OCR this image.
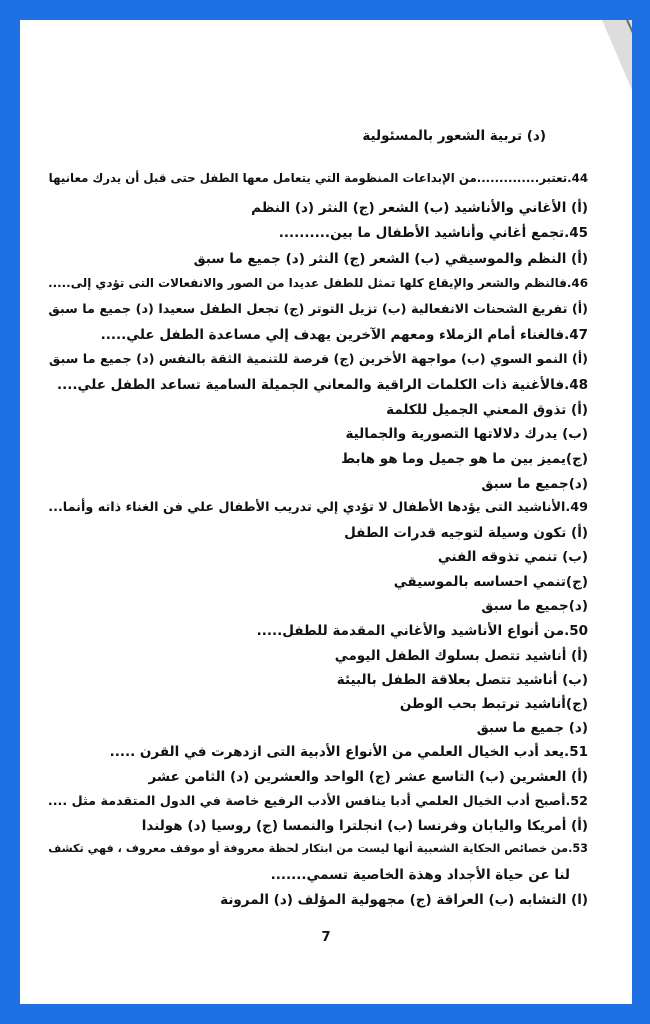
(د) تربية الشعور بالمسئولية
44.تعتبر..............من الإبداعات المنظومة التي يتعامل معها الطفل حتى قبل أن يدرك معانيها
(أ) الأغاني والأناشيد (ب) الشعر (ج) النثر (د) النظم
45.تجمع أغاني وأناشيد الأطفال ما بين..........
(أ) النظم والموسيقي (ب) الشعر (ج) النثر (د) جميع ما سبق
46.فالنظم والشعر والإيقاع كلها تمثل للطفل عديدا من الصور والانفعالات التى تؤدي إلى.....
(أ) تفريغ الشحنات الانفعالية (ب) تزيل التوتر (ج) تجعل الطفل سعيدا (د) جميع ما سبق
47.فالغناء أمام الزملاء ومعهم الآخرين يهدف إلي مساعدة الطفل علي.....
(أ) النمو السوي (ب) مواجهة الأخرين (ج) فرصة للتنمية الثقة بالنفس (د) جميع ما سبق
48.فالأغنية ذات الكلمات الراقية والمعاني الجميلة السامية تساعد الطفل علي....
(أ) تذوق المعني الجميل للكلمة
(ب) يدرك دلالاتها التصورية والجمالية
(ج)يميز بين ما هو جميل وما هو هابط
(د)جميع ما سبق
49.الأناشيد التى يؤدها الأطفال لا تؤدي إلي تدريب الأطفال علي فن الغناء ذاته وأنما...
(أ) تكون وسيلة لتوجيه قدرات الطفل
(ب) تنمي تذوقه الفني
(ج)تنمي احساسه بالموسيقي
(د)جميع ما سبق
50.من أنواع الأناشيد والأغاني المقدمة للطفل.....
(أ) أناشيد تتصل بسلوك الطفل اليومي
(ب) أناشيد تتصل بعلاقة الطفل بالبيئة
(ج)أناشيد ترتبط بحب الوطن
(د) جميع ما سبق
51.يعد أدب الخيال العلمي من الأنواع الأدبية التى ازدهرت في القرن .....
(أ) العشرين (ب) التاسع عشر (ج) الواحد والعشرين (د) الثامن عشر
52.أصبح أدب الخيال العلمي أدبا ينافس الأدب الرفيع خاصة في الدول المتقدمة مثل ....
(أ) أمريكا واليابان وفرنسا (ب) انجلترا والنمسا (ج) روسيا (د) هولندا
53.من خصائص الحكاية الشعبية أنها ليست من ابتكار لحظة معروفة أو موقف معروف ، فهي تكشف
لنا عن حياة الأجداد وهذة الخاصية تسمي.......
(ا) التشابه (ب) العراقة (ج) مجهولية المؤلف (د) المرونة
7
